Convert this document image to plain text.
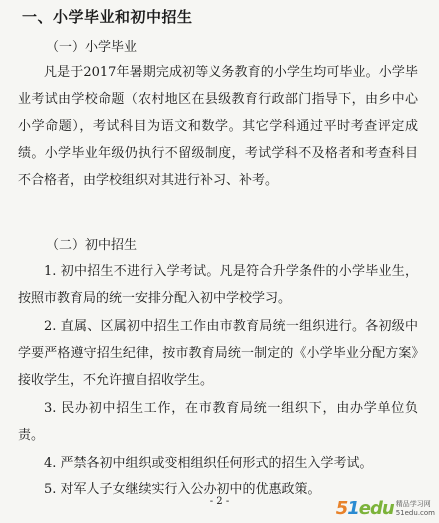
一、小学毕业和初中招生
（一）小学毕业

凡是于2017年暑期完成初等义务教育的小学生均可毕业。小学毕业考试由学校命题（农村地区在县级教育行政部门指导下，由乡中心小学命题），考试科目为语文和数学。其它学科通过平时考查评定成绩。小学毕业年级仍执行不留级制度，考试学科不及格者和考查科目不合格者，由学校组织对其进行补习、补考。

（二）初中招生

1. 初中招生不进行入学考试。凡是符合升学条件的小学毕业生，按照市教育局的统一安排分配入初中学校学习。

2. 直属、区属初中招生工作由市教育局统一组织进行。各初级中学要严格遵守招生纪律，按市教育局统一制定的《小学毕业分配方案》接收学生，不允许擅自招收学生。

3. 民办初中招生工作，在市教育局统一组织下，由办学单位负责。

4. 严禁各初中组织或变相组织任何形式的招生入学考试。

5. 对军人子女继续实行入公办初中的优惠政策。

- 2 -	5 1 edu 精品学习网
51edu.com
